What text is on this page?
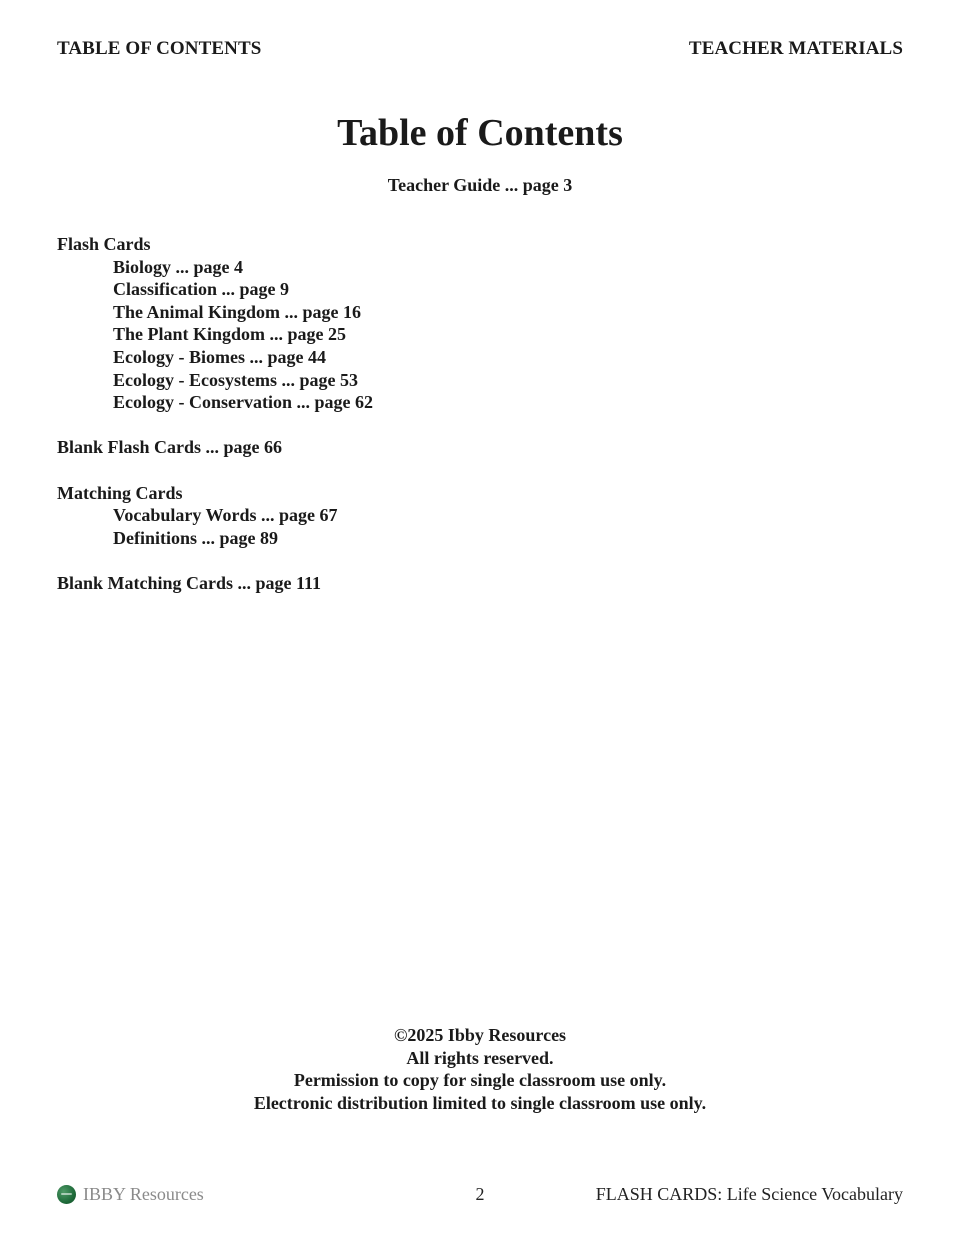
TABLE OF CONTENTS	TEACHER MATERIALS
Table of Contents
Teacher Guide ... page 3
Flash Cards
Biology ... page 4
Classification ... page 9
The Animal Kingdom ... page 16
The Plant Kingdom ... page 25
Ecology - Biomes ... page 44
Ecology - Ecosystems ... page 53
Ecology - Conservation ... page 62
Blank Flash Cards ... page 66
Matching Cards
Vocabulary Words ... page 67
Definitions ... page 89
Blank Matching Cards ... page 111
©2025 Ibby Resources
All rights reserved.
Permission to copy for single classroom use only.
Electronic distribution limited to single classroom use only.
IBBY Resources	2	FLASH CARDS: Life Science Vocabulary
